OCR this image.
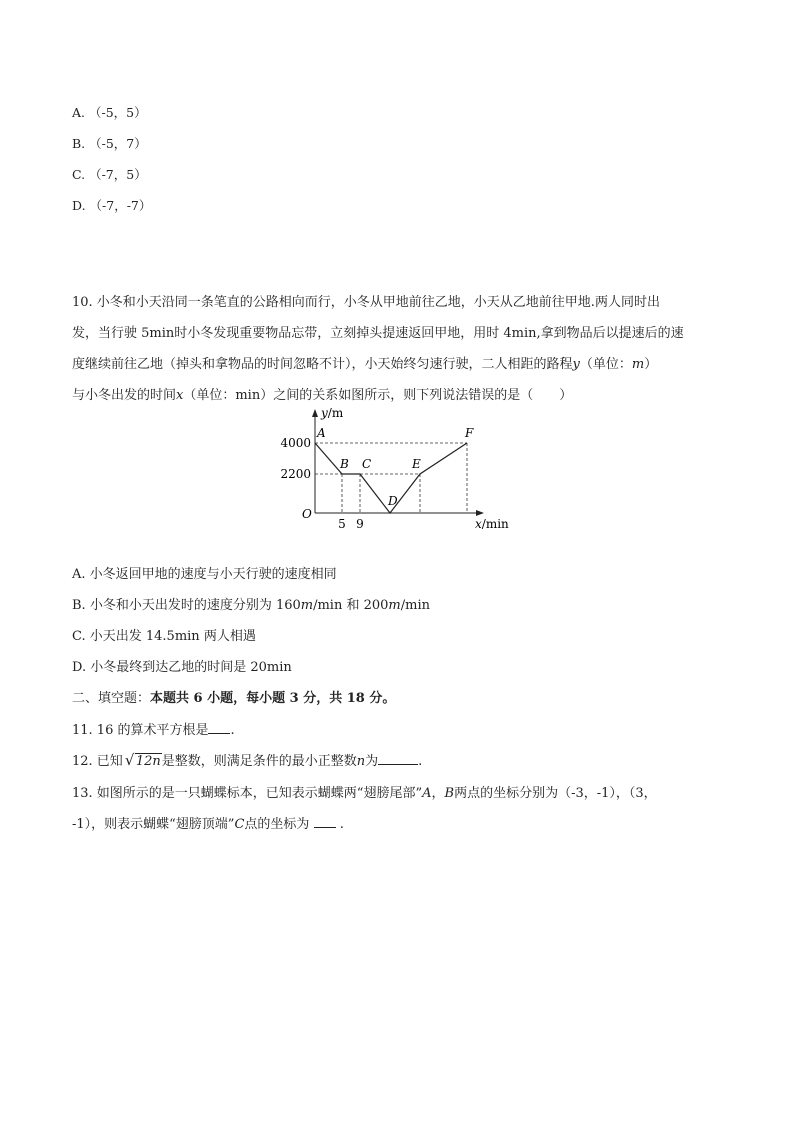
A. （-5，5）
B. （-5，7）
C. （-7，5）
D. （-7，-7）
10. 小冬和小天沿同一条笔直的公路相向而行，小冬从甲地前往乙地，小天从乙地前往甲地.两人同时出
发，当行驶 5min时小冬发现重要物品忘带，立刻掉头提速返回甲地，用时 4min,拿到物品后以提速后的速
度继续前往乙地（掉头和拿物品的时间忽略不计），小天始终匀速行驶，二人相距的路程y（单位：m）
与小冬出发的时间x（单位：min）之间的关系如图所示，则下列说法错误的是（　　）
y/m
x/min
O
4000
2200
5 9
A
B C
D
E
F
A. 小冬返回甲地的速度与小天行驶的速度相同
B. 小冬和小天出发时的速度分别为 160m/min 和 200m/min
C. 小天出发 14.5min 两人相遇
D. 小冬最终到达乙地的时间是 20min
二、填空题：本题共 6 小题，每小题 3 分，共 18 分。
11. 16 的算术平方根是 .
12. 已知 √ 12n是整数，则满足条件的最小正整数n为	.
13. 如图所示的是一只蝴蝶标本，已知表示蝴蝶两“翅膀尾部”A，B两点的坐标分别为（-3，-1），（3，
-1），则表示蝴蝶“翅膀顶端”C点的坐标为  .
